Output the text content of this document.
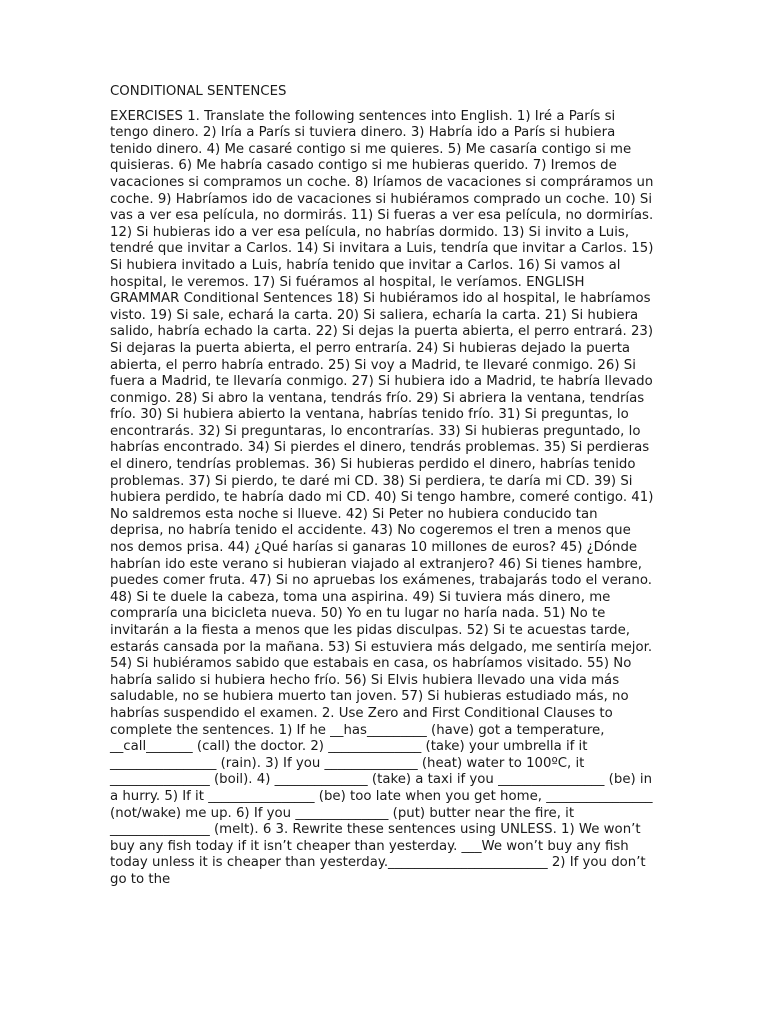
CONDITIONAL SENTENCES

EXERCISES 1. Translate the following sentences into English. 1) Iré a París si tengo dinero. 2) Iría a París si tuviera dinero. 3) Habría ido a París si hubiera tenido dinero. 4) Me casaré contigo si me quieres. 5) Me casaría contigo si me quisieras. 6) Me habría casado contigo si me hubieras querido. 7) Iremos de vacaciones si compramos un coche. 8) Iríamos de vacaciones si compráramos un coche. 9) Habríamos ido de vacaciones si hubiéramos comprado un coche. 10) Si vas a ver esa película, no dormirás. 11) Si fueras a ver esa película, no dormirías. 12) Si hubieras ido a ver esa película, no habrías dormido. 13) Si invito a Luis, tendré que invitar a Carlos. 14) Si invitara a Luis, tendría que invitar a Carlos. 15) Si hubiera invitado a Luis, habría tenido que invitar a Carlos. 16) Si vamos al hospital, le veremos. 17) Si fuéramos al hospital, le veríamos. ENGLISH GRAMMAR Conditional Sentences 18) Si hubiéramos ido al hospital, le habríamos visto. 19) Si sale, echará la carta. 20) Si saliera, echaría la carta. 21) Si hubiera salido, habría echado la carta. 22) Si dejas la puerta abierta, el perro entrará. 23) Si dejaras la puerta abierta, el perro entraría. 24) Si hubieras dejado la puerta abierta, el perro habría entrado. 25) Si voy a Madrid, te llevaré conmigo. 26) Si fuera a Madrid, te llevaría conmigo. 27) Si hubiera ido a Madrid, te habría llevado conmigo. 28) Si abro la ventana, tendrás frío. 29) Si abriera la ventana, tendrías frío. 30) Si hubiera abierto la ventana, habrías tenido frío. 31) Si preguntas, lo encontrarás. 32) Si preguntaras, lo encontrarías. 33) Si hubieras preguntado, lo habrías encontrado. 34) Si pierdes el dinero, tendrás problemas. 35) Si perdieras el dinero, tendrías problemas. 36) Si hubieras perdido el dinero, habrías tenido problemas. 37) Si pierdo, te daré mi CD. 38) Si perdiera, te daría mi CD. 39) Si hubiera perdido, te habría dado mi CD. 40) Si tengo hambre, comeré contigo. 41) No saldremos esta noche si llueve. 42) Si Peter no hubiera conducido tan deprisa, no habría tenido el accidente. 43) No cogeremos el tren a menos que nos demos prisa. 44) ¿Qué harías si ganaras 10 millones de euros? 45) ¿Dónde habrían ido este verano si hubieran viajado al extranjero? 46) Si tienes hambre, puedes comer fruta. 47) Si no apruebas los exámenes, trabajarás todo el verano. 48) Si te duele la cabeza, toma una aspirina. 49) Si tuviera más dinero, me compraría una bicicleta nueva. 50) Yo en tu lugar no haría nada. 51) No te invitarán a la fiesta a menos que les pidas disculpas. 52) Si te acuestas tarde, estarás cansada por la mañana. 53) Si estuviera más delgado, me sentiría mejor. 54) Si hubiéramos sabido que estabais en casa, os habríamos visitado. 55) No habría salido si hubiera hecho frío. 56) Si Elvis hubiera llevado una vida más saludable, no se hubiera muerto tan joven. 57) Si hubieras estudiado más, no habrías suspendido el examen. 2. Use Zero and First Conditional Clauses to complete the sentences. 1) If he __has_________ (have) got a temperature, __call_______ (call) the doctor. 2) ______________ (take) your umbrella if it ________________ (rain). 3) If you ______________ (heat) water to 100ºC, it _______________ (boil). 4) ______________ (take) a taxi if you ________________ (be) in a hurry. 5) If it ________________ (be) too late when you get home, ________________ (not/wake) me up. 6) If you ______________ (put) butter near the fire, it _______________ (melt). 6 3. Rewrite these sentences using UNLESS. 1) We won’t buy any fish today if it isn’t cheaper than yesterday. ___We won’t buy any fish today unless it is cheaper than yesterday.________________________ 2) If you don’t go to the
